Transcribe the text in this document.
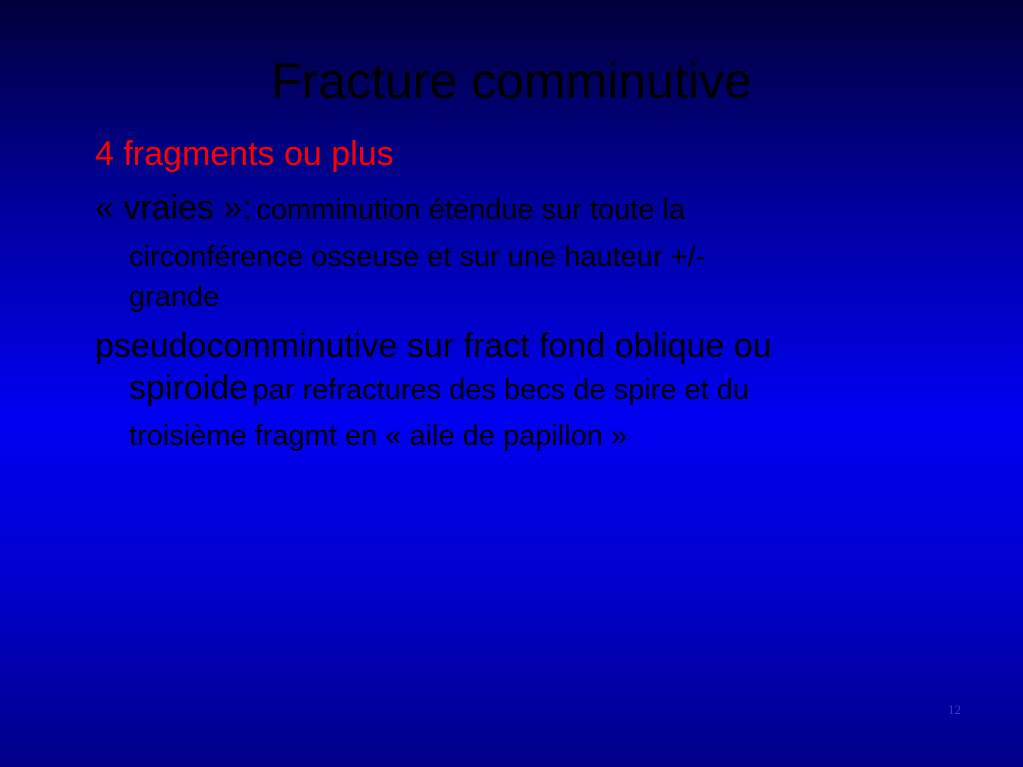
Fracture comminutive

4 fragments ou plus

« vraies »: comminution étendue sur toute la
circonférence osseuse et sur une hauteur +/-
grande
pseudocomminutive sur fract fond oblique ou
spiroide par refractures des becs de spire et du
troisième fragmt en « aile de papillon »
12
